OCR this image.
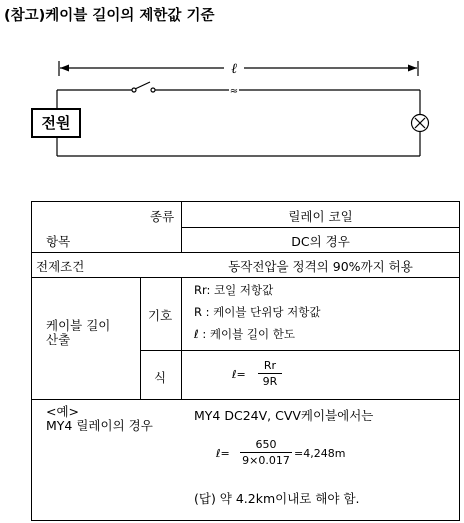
(참고)케이블 길이의 제한값 기준
ℓ
≈
전원
종류
항목
릴레이 코일
DC의 경우
전제조건	동작전압을 정격의 90%까지 허용
케이블 길이
산출
기호
Rr: 코일 저항값
R : 케이블 단위당 저항값
ℓ : 케이블 길이 한도
식	ℓ=
Rr
9R
<예>
MY4 릴레이의 경우
MY4 DC24V, CVV케이블에서는
ℓ=
650
9×0.017
=4,248m
(답) 약 4.2km이내로 해야 함.
